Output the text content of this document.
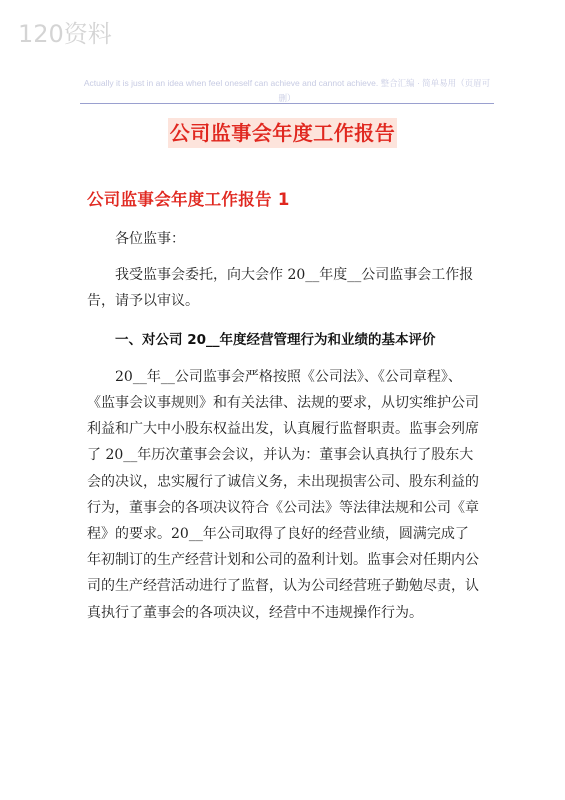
120资料
Actually it is just in an idea when feel oneself can achieve and cannot achieve. 整合汇编 · 简单易用（页眉可删）
公司监事会年度工作报告
公司监事会年度工作报告 1

各位监事：

我受监事会委托，向大会作 20__年度__公司监事会工作报告，请予以审议。

一、对公司 20__年度经营管理行为和业绩的基本评价

20__年__公司监事会严格按照《公司法》、《公司章程》、《监事会议事规则》和有关法律、法规的要求，从切实维护公司利益和广大中小股东权益出发，认真履行监督职责。监事会列席了 20__年历次董事会会议，并认为：董事会认真执行了股东大会的决议，忠实履行了诚信义务，未出现损害公司、股东利益的行为，董事会的各项决议符合《公司法》等法律法规和公司《章程》的要求。20__年公司取得了良好的经营业绩，圆满完成了年初制订的生产经营计划和公司的盈利计划。监事会对任期内公司的生产经营活动进行了监督，认为公司经营班子勤勉尽责，认真执行了董事会的各项决议，经营中不违规操作行为。
